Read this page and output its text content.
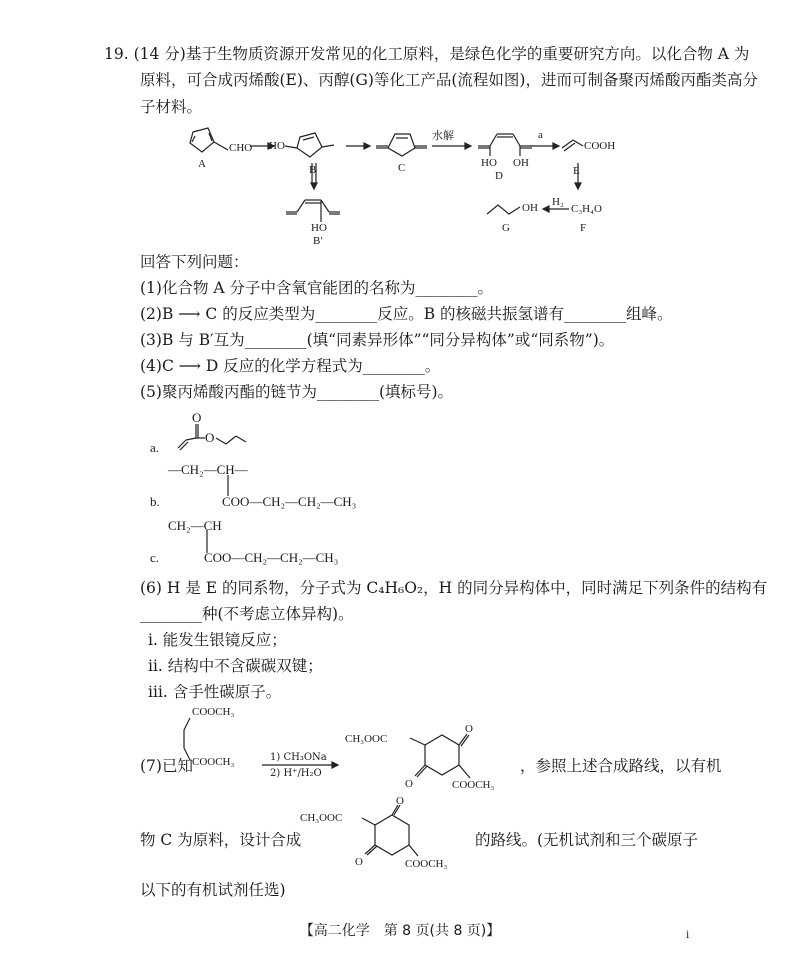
19. (14 分)基于生物质资源开发常见的化工原料，是绿色化学的重要研究方向。以化合物 A 为
原料，可合成丙烯酸(E)、丙醇(G)等化工产品(流程如图)，进而可制备聚丙烯酸丙酯类高分
子材料。
A
CHO HO
C
水解
HO OH
D
a
COOH
E
H₂
C₃H₄O
F
OH
G
B
HO
B′
回答下列问题：
(1)化合物 A 分子中含氧官能团的名称为________。
(2)B ⟶ C 的反应类型为________反应。B 的核磁共振氢谱有________组峰。
(3)B 与 B′互为________(填“同素异形体”“同分异构体”或“同系物”)。
(4)C ⟶ D 反应的化学方程式为________。
(5)聚丙烯酸丙酯的链节为________(填标号)。
a.
O
O
—CH₂—CH—
b.	COO—CH₂—CH₂—CH₃
CH₂—CH
c.	COO—CH₂—CH₂—CH₃
(6) H 是 E 的同系物，分子式为 C₄H₆O₂，H 的同分异构体中，同时满足下列条件的结构有
________种(不考虑立体异构)。
ⅰ. 能发生银镜反应；
ⅱ. 结构中不含碳碳双键；
ⅲ. 含手性碳原子。
COOCH₃
(7)已知 COOCH₃	1) CH₃ONa
2) H⁺/H₂O
CH₃OOC
O
O	COOCH₃
，参照上述合成路线，以有机
CH₃OOC
O
O	COOCH₃
物 C 为原料，设计合成	的路线。(无机试剂和三个碳原子
以下的有机试剂任选)
【高二化学　第 8 页(共 8 页)】	ⅰ
